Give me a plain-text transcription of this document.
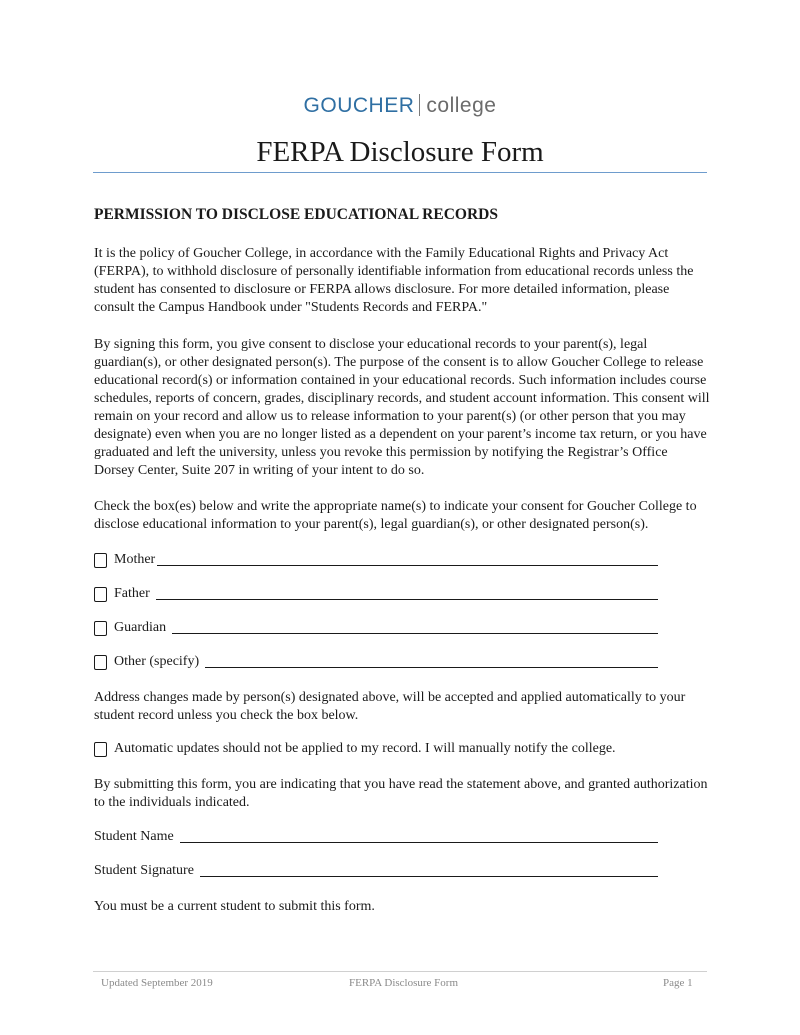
GOUCHER college
FERPA Disclosure Form

PERMISSION TO DISCLOSE EDUCATIONAL RECORDS

It is the policy of Goucher College, in accordance with the Family Educational Rights and Privacy Act (FERPA), to withhold disclosure of personally identifiable information from educational records unless the student has consented to disclosure or FERPA allows disclosure. For more detailed information, please consult the Campus Handbook under "Students Records and FERPA."

By signing this form, you give consent to disclose your educational records to your parent(s), legal guardian(s), or other designated person(s). The purpose of the consent is to allow Goucher College to release educational record(s) or information contained in your educational records. Such information includes course schedules, reports of concern, grades, disciplinary records, and student account information. This consent will remain on your record and allow us to release information to your parent(s) (or other person that you may designate) even when you are no longer listed as a dependent on your parent’s income tax return, or you have graduated and left the university, unless you revoke this permission by notifying the Registrar’s Office Dorsey Center, Suite 207 in writing of your intent to do so.

Check the box(es) below and write the appropriate name(s) to indicate your consent for Goucher College to disclose educational information to your parent(s), legal guardian(s), or other designated person(s).

Mother
Father
Guardian
Other (specify)

Address changes made by person(s) designated above, will be accepted and applied automatically to your student record unless you check the box below.

Automatic updates should not be applied to my record. I will manually notify the college.

By submitting this form, you are indicating that you have read the statement above, and granted authorization to the individuals indicated.

Student Name
Student Signature

You must be a current student to submit this form.

Updated September 2019	FERPA Disclosure Form	Page 1
